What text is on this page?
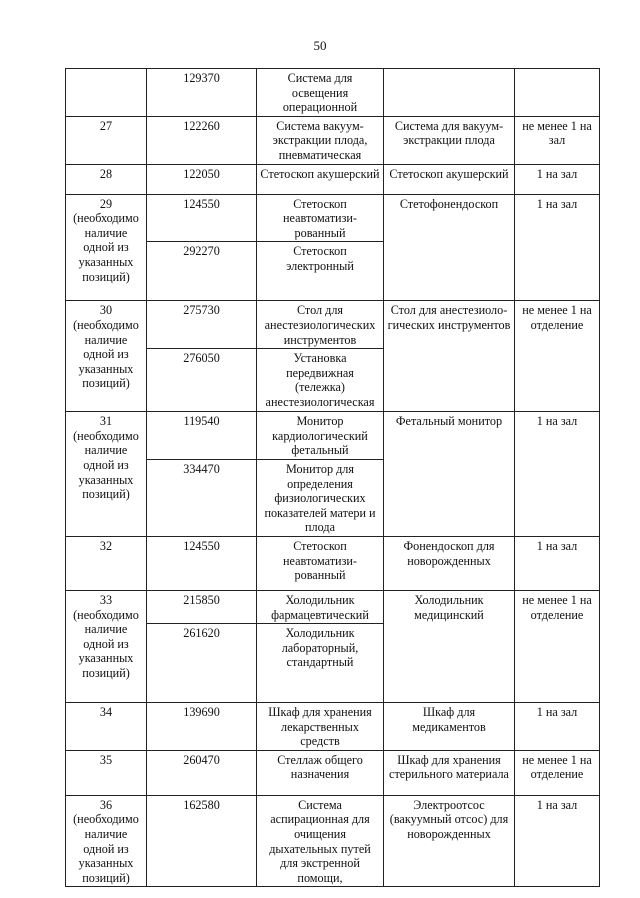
50
	129370	Система для освещения операционной		
27	122260	Система вакуум-экстракции плода, пневматическая	Система для вакуум-экстракции плода	не менее 1 на зал
28	122050	Стетоскоп акушерский	Стетоскоп акушерский	1 на зал
29 (необходимо наличие одной из указанных позиций)	124550	Стетоскоп неавтоматизи-рованный	Стетофонендоскоп	1 на зал
	292270	Стетоскоп электронный		
30 (необходимо наличие одной из указанных позиций)	275730	Стол для анестезиологических инструментов	Стол для анестезиоло-гических инструментов	не менее 1 на отделение
	276050	Установка передвижная (тележка) анестезиологическая		
31 (необходимо наличие одной из указанных позиций)	119540	Монитор кардиологический фетальный	Фетальный монитор	1 на зал
	334470	Монитор для определения физиологических показателей матери и плода		
32	124550	Стетоскоп неавтоматизи-рованный	Фонендоскоп для новорожденных	1 на зал
33 (необходимо наличие одной из указанных позиций)	215850	Холодильник фармацевтический	Холодильник медицинский	не менее 1 на отделение
	261620	Холодильник лабораторный, стандартный		
34	139690	Шкаф для хранения лекарственных средств	Шкаф для медикаментов	1 на зал
35	260470	Стеллаж общего назначения	Шкаф для хранения стерильного материала	не менее 1 на отделение
36 (необходимо наличие одной из указанных позиций)	162580	Система аспирационная для очищения дыхательных путей для экстренной помощи,	Электроотсос (вакуумный отсос) для новорожденных	1 на зал
